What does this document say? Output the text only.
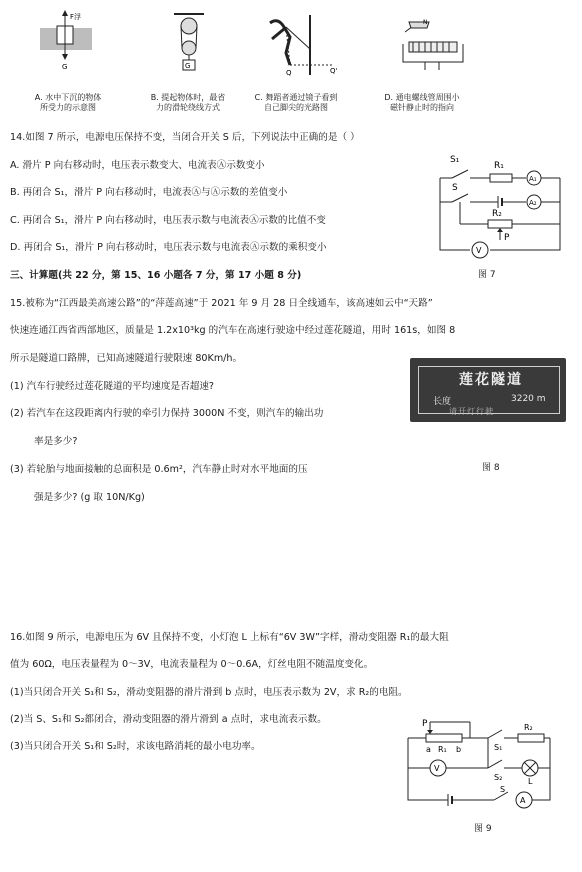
F浮
G	G
Q	Q'
N
A. 水中下沉的物体
所受力的示意图
B. 提起物体时，最省
力的滑轮绕线方式
C. 舞蹈者通过镜子看到
自己脚尖的光路图
D. 通电螺线管周围小
磁针静止时的指向
14.如图 7 所示，电源电压保持不变，当闭合开关 S 后，下列说法中正确的是（ ）
A. 滑片 P 向右移动时，电压表示数变大、电流表Ⓐ示数变小
B. 再闭合 S₁，滑片 P 向右移动时，电流表Ⓐ与Ⓐ示数的差值变小
C. 再闭合 S₁，滑片 P 向右移动时，电压表示数与电流表Ⓐ示数的比值不变
D. 再闭合 S₁，滑片 P 向右移动时，电压表示数与电流表Ⓐ示数的乘积变小	V
S₁
S
R₁
R₂
A₁
A₂
P
三、计算题(共 22 分，第 15、16 小题各 7 分，第 17 小题 8 分)	图 7
15.被称为“江西最美高速公路”的“萍莲高速”于 2021 年 9 月 28 日全线通车，该高速如云中“天路”
快速连通江西省西部地区，质量是 1.2x10³kg 的汽车在高速行驶途中经过莲花隧道，用时 161s，如图 8
所示是隧道口路牌，已知高速隧道行驶限速 80Km/h。
(1) 汽车行驶经过莲花隧道的平均速度是否超速?
(2) 若汽车在这段距离内行驶的牵引力保持 3000N 不变，则汽车的输出功
率是多少?
(3) 若轮胎与地面接触的总面积是 0.6m²，汽车静止时对水平地面的压
强是多少? (g 取 10N/Kg)
莲花隧道
长度	3220 m
请开灯行驶
图 8
16.如图 9 所示，电源电压为 6V 且保持不变，小灯泡 L 上标有“6V 3W”字样，滑动变阻器 R₁的最大阻
值为 60Ω，电压表量程为 0～3V，电流表量程为 0～0.6A，灯丝电阻不随温度变化。
(1)当只闭合开关 S₁和 S₂，滑动变阻器的滑片滑到 b 点时，电压表示数为 2V，求 R₂的电阻。
(2)当 S、S₁和 S₂都闭合，滑动变阻器的滑片滑到 a 点时，求电流表示数。
(3)当只闭合开关 S₁和 S₂时，求该电路消耗的最小电功率。
P
a	b
R₁
R₂
S₁
S₂
V
L
S
A
图 9
